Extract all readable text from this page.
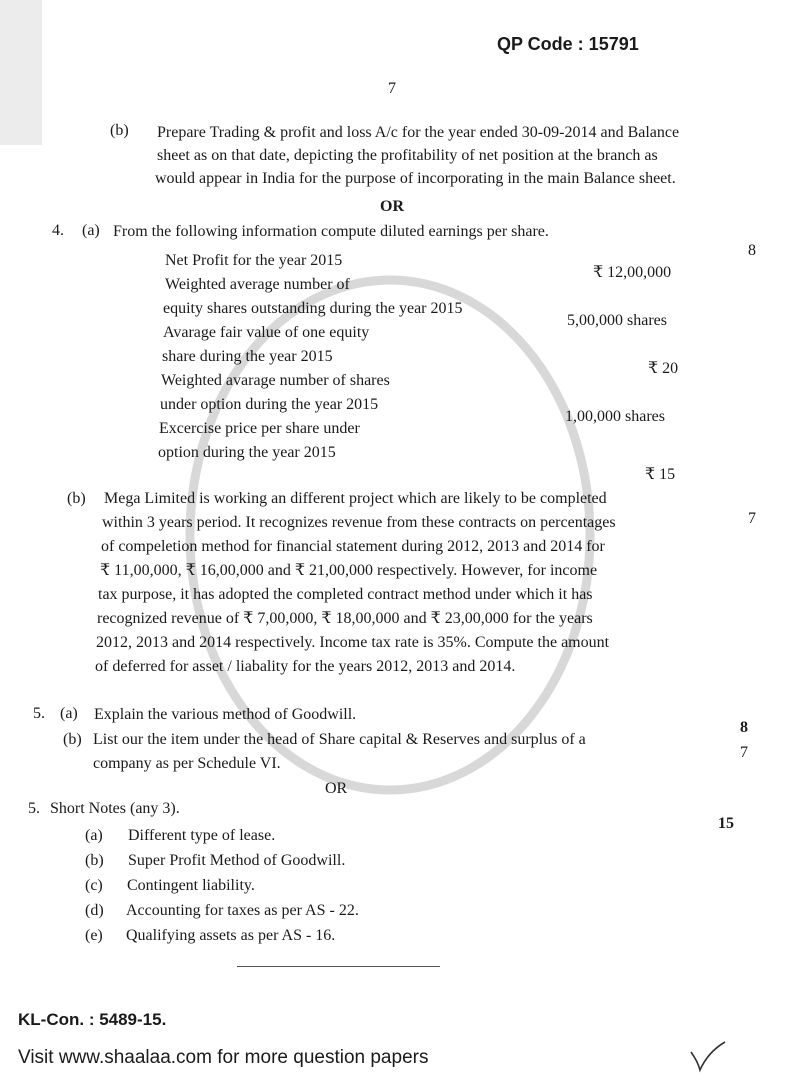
QP Code : 15791
7
(b) Prepare Trading & profit and loss A/c for the year ended 30-09-2014 and Balance
sheet as on that date, depicting the profitability of net position at the branch as
would appear in India for the purpose of incorporating in the main Balance sheet.
OR
4. (a) From the following information compute diluted earnings per share.
8
Net Profit for the year 2015
Weighted average number of
equity shares outstanding during the year 2015
Avarage fair value of one equity
share during the year 2015
Weighted avarage number of shares
under option during the year 2015
Excercise price per share under
option during the year 2015
₹ 12,00,000
5,00,000 shares
₹ 20
1,00,000 shares
₹ 15
(b)
7
Mega Limited is working an different project which are likely to be completed
within 3 years period. It recognizes revenue from these contracts on percentages
of compeletion method for financial statement during 2012, 2013 and 2014 for
₹ 11,00,000, ₹ 16,00,000 and ₹ 21,00,000 respectively. However, for income
tax purpose, it has adopted the completed contract method under which it has
recognized revenue of ₹ 7,00,000, ₹ 18,00,000 and ₹ 23,00,000 for the years
2012, 2013 and 2014 respectively. Income tax rate is 35%. Compute the amount
of deferred for asset / liabality for the years 2012, 2013 and 2014.
5. (a) Explain the various method of Goodwill.
8
(b) List our the item under the head of Share capital & Reserves and surplus of a
company as per Schedule VI.
7
OR
5. Short Notes (any 3).
15
(a) Different type of lease.
(b) Super Profit Method of Goodwill.
(c) Contingent liability.
(d) Accounting for taxes as per AS - 22.
(e) Qualifying assets as per AS - 16.
KL-Con. : 5489-15.
Visit www.shaalaa.com for more question papers
